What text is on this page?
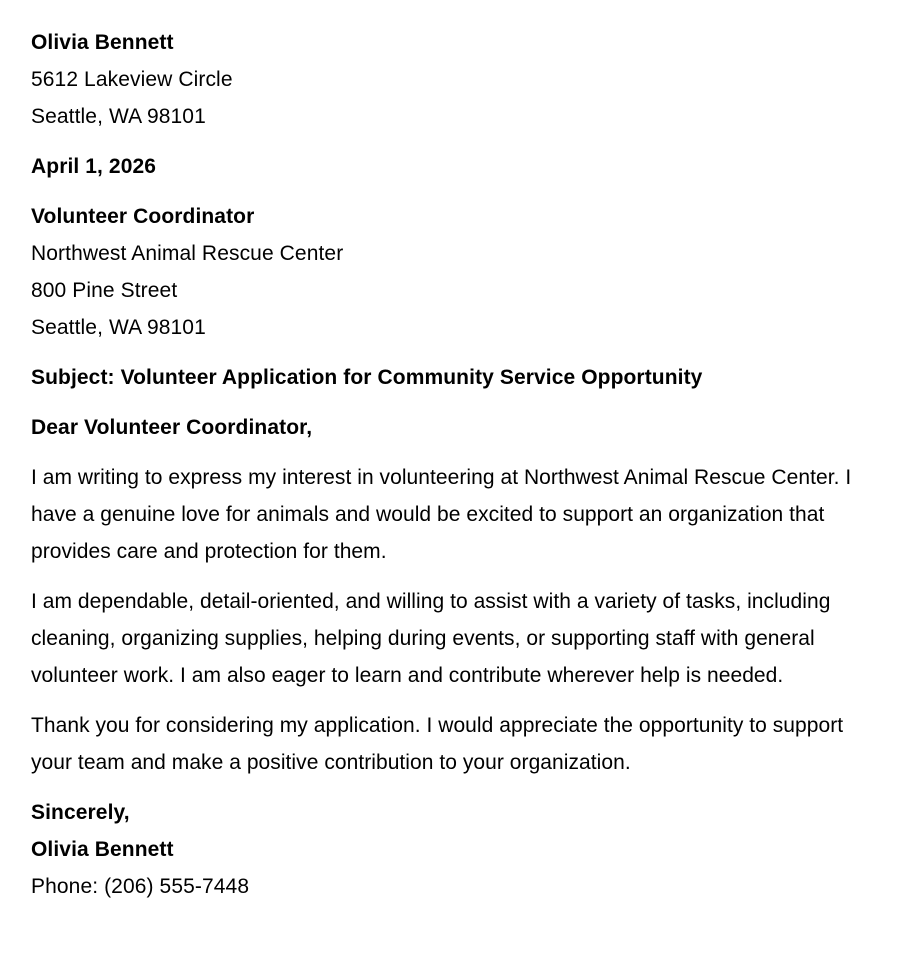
Olivia Bennett
5612 Lakeview Circle
Seattle, WA 98101
April 1, 2026
Volunteer Coordinator
Northwest Animal Rescue Center
800 Pine Street
Seattle, WA 98101
Subject: Volunteer Application for Community Service Opportunity
Dear Volunteer Coordinator,

I am writing to express my interest in volunteering at Northwest Animal Rescue Center. I have a genuine love for animals and would be excited to support an organization that provides care and protection for them.

I am dependable, detail-oriented, and willing to assist with a variety of tasks, including cleaning, organizing supplies, helping during events, or supporting staff with general volunteer work. I am also eager to learn and contribute wherever help is needed.

Thank you for considering my application. I would appreciate the opportunity to support your team and make a positive contribution to your organization.

Sincerely,
Olivia Bennett
Phone: (206) 555-7448
